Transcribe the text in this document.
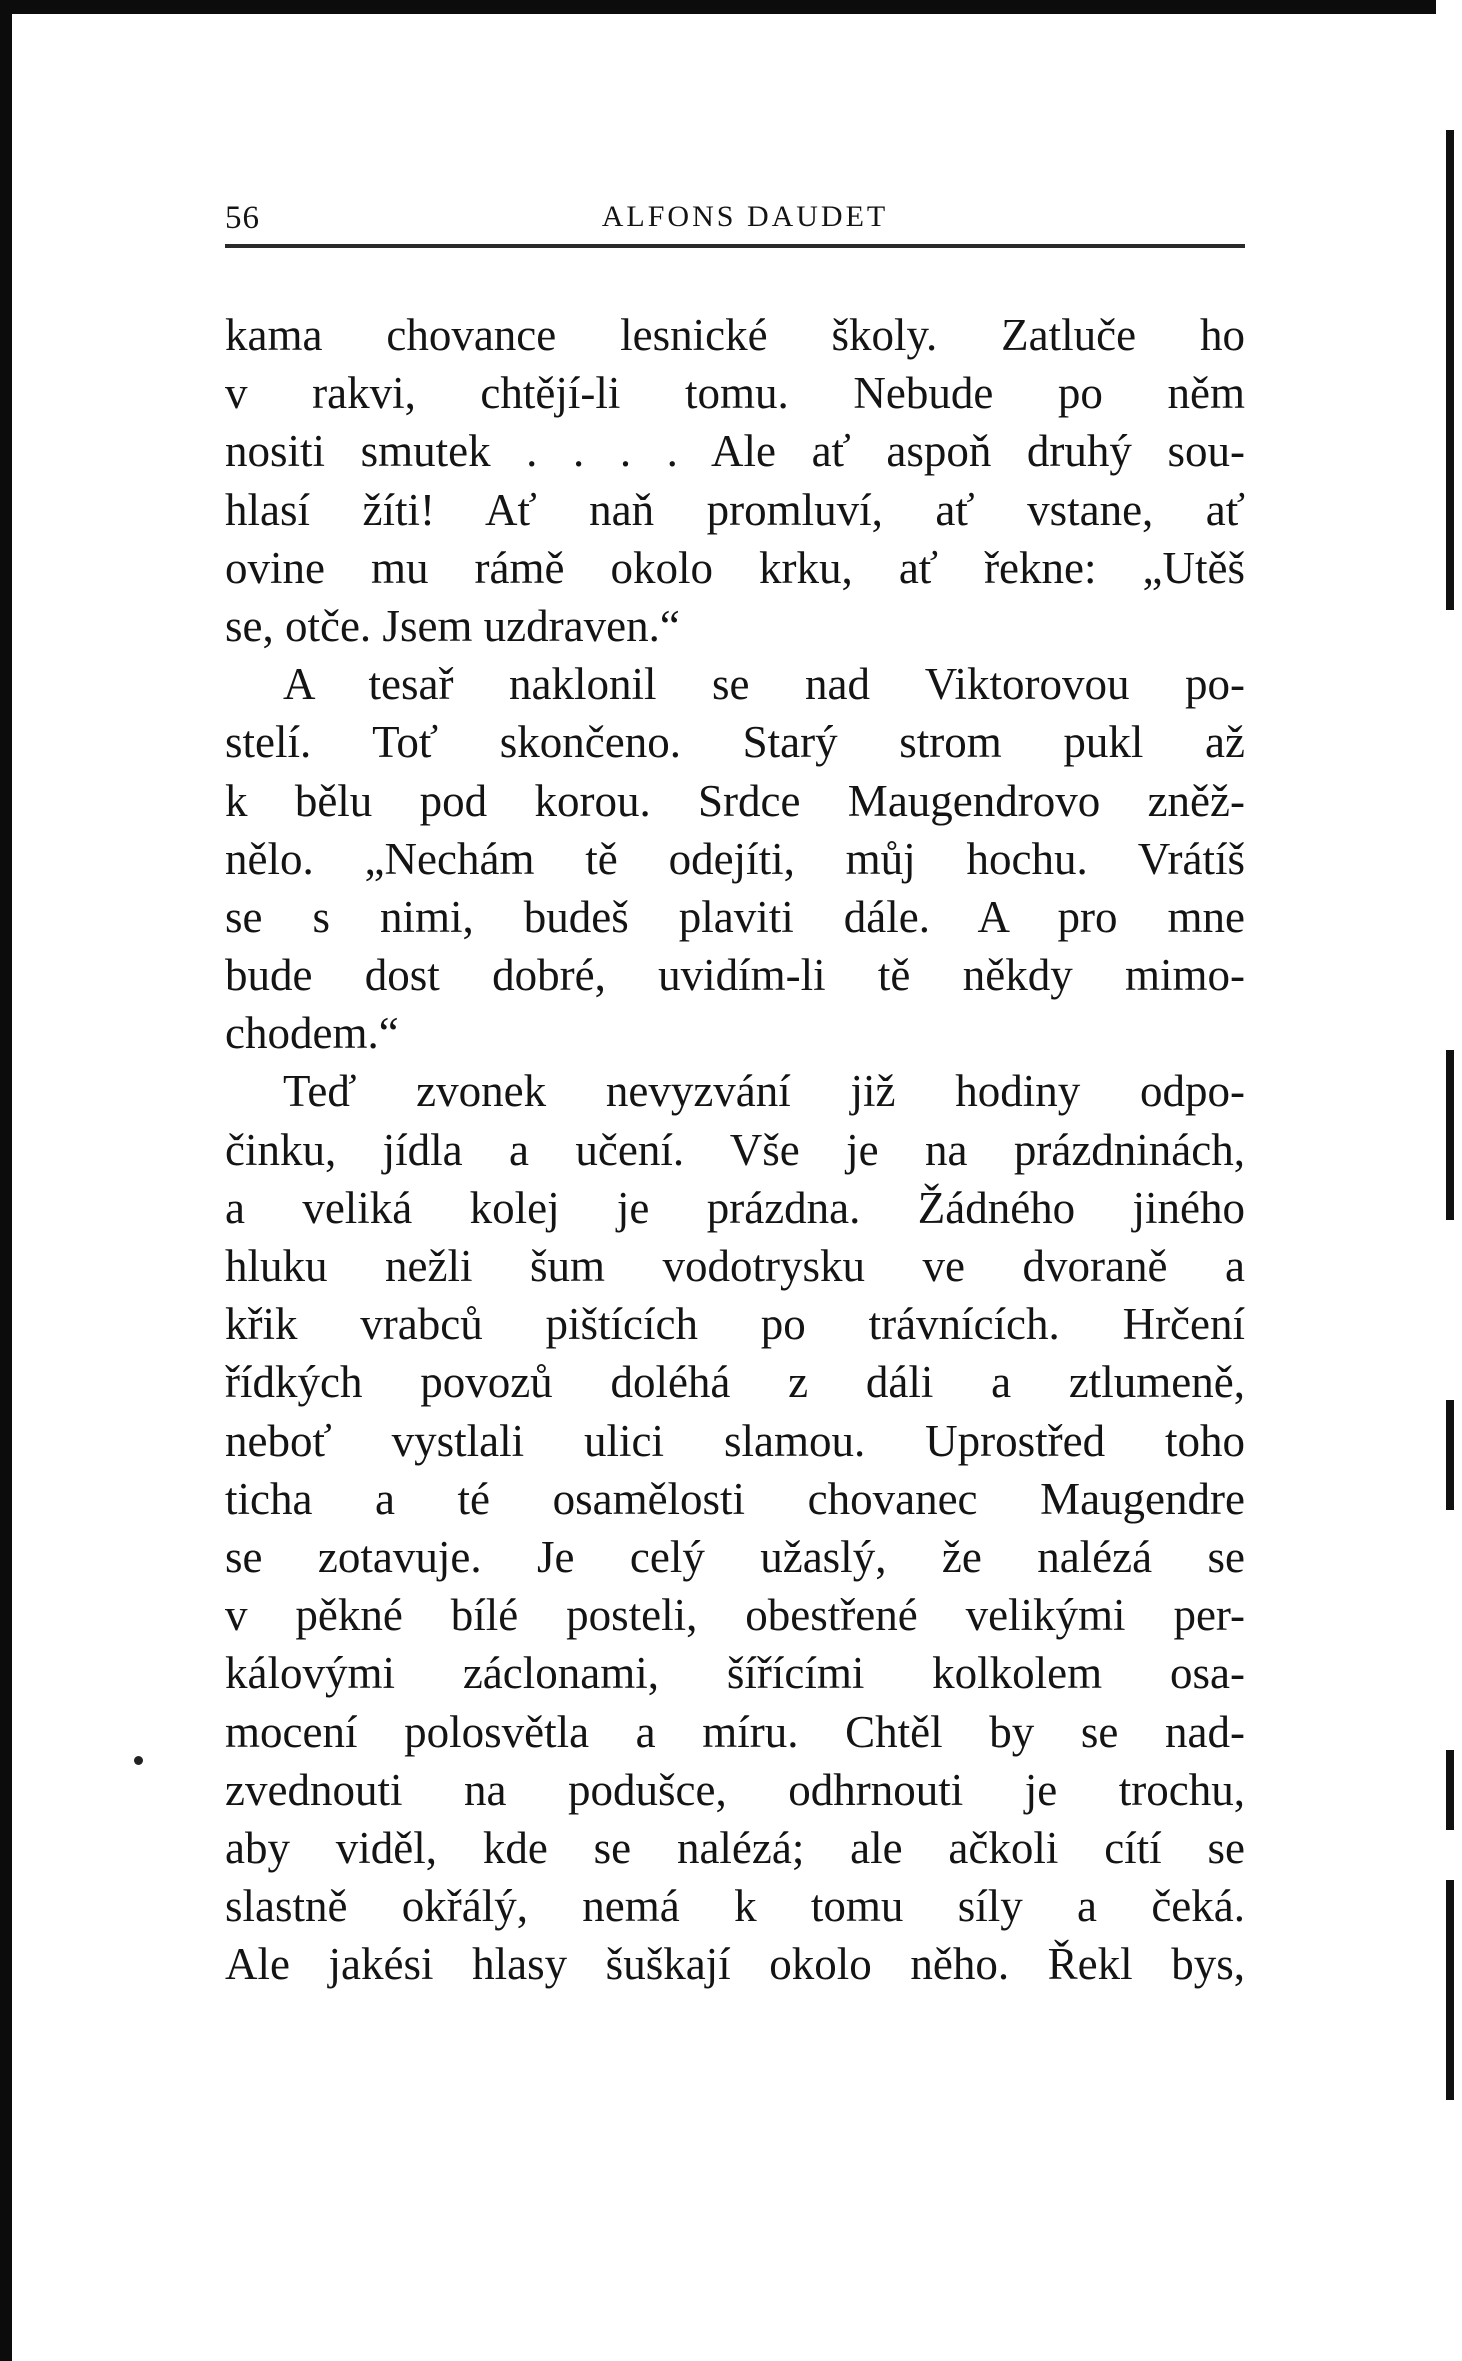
56	ALFONS DAUDET
kama chovance lesnické školy. Zatluče ho
v rakvi, chtějí-li tomu. Nebude po něm
nositi smutek . . . . Ale ať aspoň druhý sou-
hlasí žíti! Ať naň promluví, ať vstane, ať
ovine mu rámě okolo krku, ať řekne: „Utěš
se, otče. Jsem uzdraven.“
A tesař naklonil se nad Viktorovou po-
stelí. Toť skončeno. Starý strom pukl až
k bělu pod korou. Srdce Maugendrovo zněž-
nělo. „Nechám tě odejíti, můj hochu. Vrátíš
se s nimi, budeš plaviti dále. A pro mne
bude dost dobré, uvidím-li tě někdy mimo-
chodem.“
Teď zvonek nevyzvání již hodiny odpo-
činku, jídla a učení. Vše je na prázdninách,
a veliká kolej je prázdna. Žádného jiného
hluku nežli šum vodotrysku ve dvoraně a
křik vrabců pištících po trávnících. Hrčení
řídkých povozů doléhá z dáli a ztlumeně,
neboť vystlali ulici slamou. Uprostřed toho
ticha a té osamělosti chovanec Maugendre
se zotavuje. Je celý užaslý, že nalézá se
v pěkné bílé posteli, obestřené velikými per-
kálovými záclonami, šířícími kolkolem osa-
mocení polosvětla a míru. Chtěl by se nad-
zvednouti na podušce, odhrnouti je trochu,
aby viděl, kde se nalézá; ale ačkoli cítí se
slastně okřálý, nemá k tomu síly a čeká.
Ale jakési hlasy šuškají okolo něho. Řekl bys,
